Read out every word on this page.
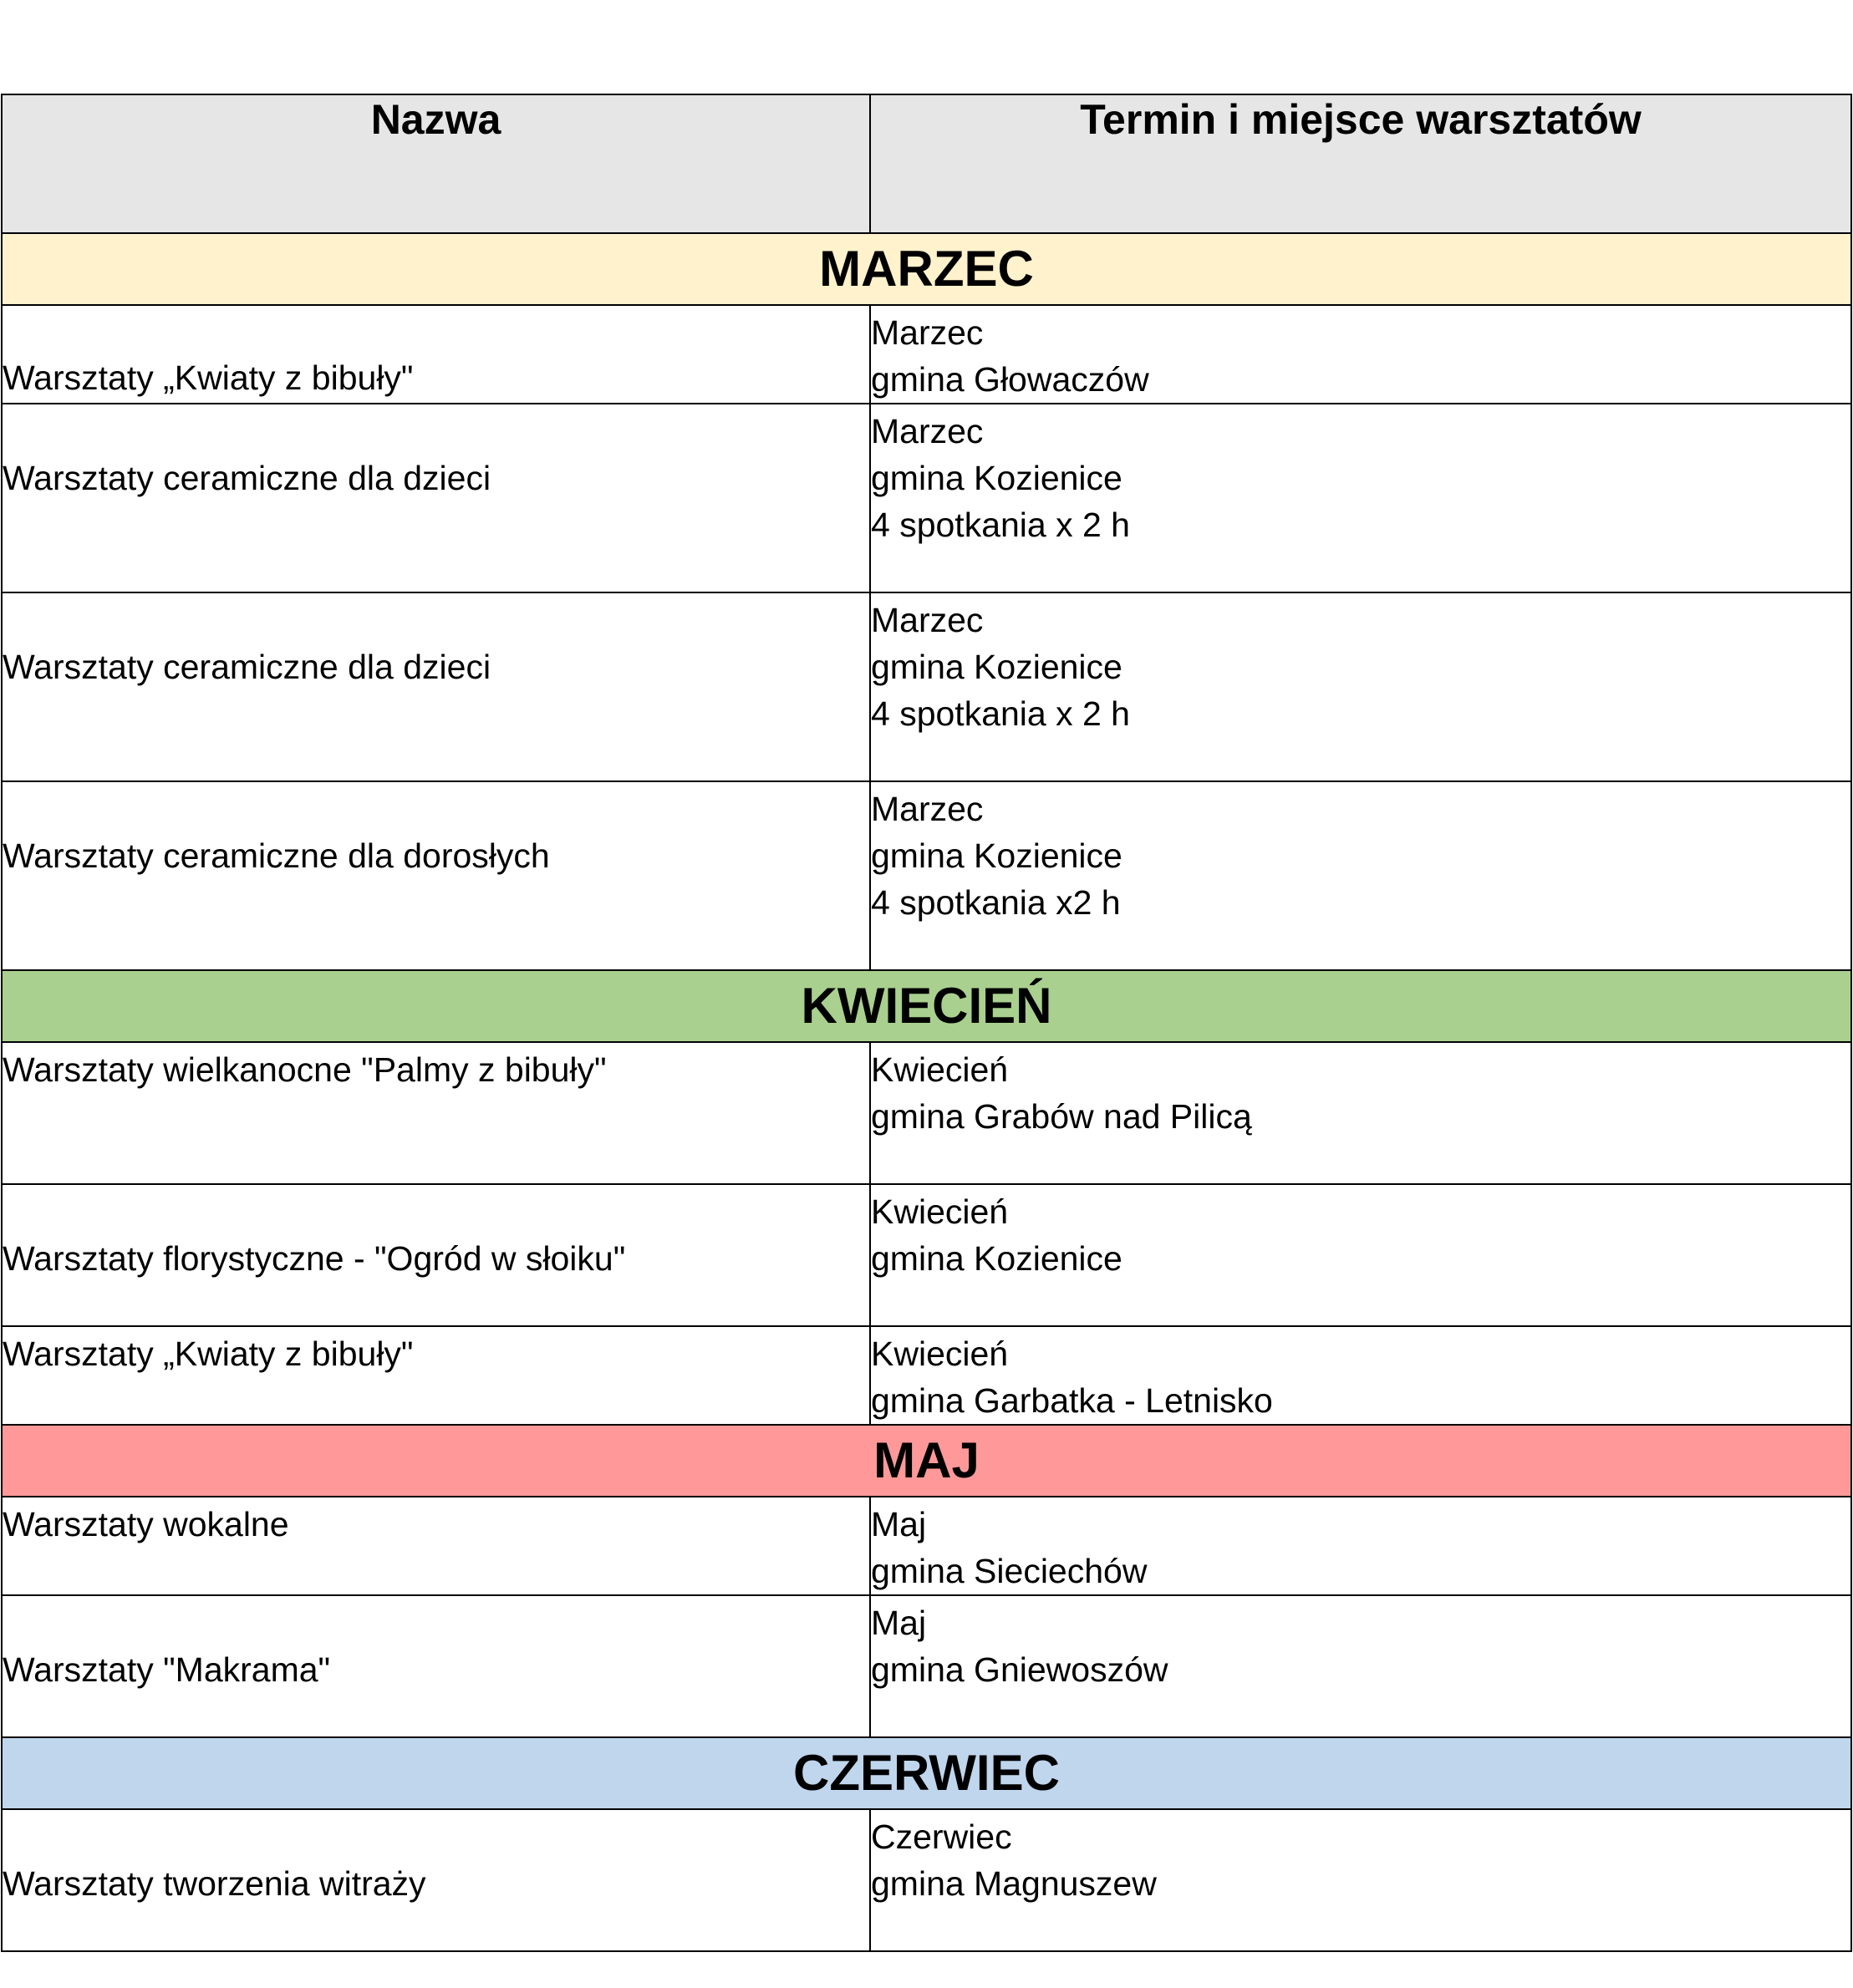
Nazwa	Termin i miejsce warsztatów
MARZEC	
Warsztaty „Kwiaty z bibuły"	Marzec
gmina Głowaczów

Warsztaty ceramiczne dla dzieci	Marzec
gmina Kozienice
4 spotkania x 2 h

Warsztaty ceramiczne dla dzieci	Marzec
gmina Kozienice
4 spotkania x 2 h

Warsztaty ceramiczne dla dorosłych	Marzec
gmina Kozienice
4 spotkania x2 h

KWIECIEŃ	
Warsztaty wielkanocne "Palmy z bibuły"	Kwiecień
gmina Grabów nad Pilicą

Warsztaty florystyczne - "Ogród w słoiku"	Kwiecień
gmina Kozienice

Warsztaty „Kwiaty z bibuły"	Kwiecień
gmina Garbatka - Letnisko

MAJ	
Warsztaty wokalne	Maj
gmina Sieciechów

Warsztaty "Makrama"	Maj
gmina Gniewoszów

CZERWIEC	
Warsztaty tworzenia witraży	Czerwiec
gmina Magnuszew
